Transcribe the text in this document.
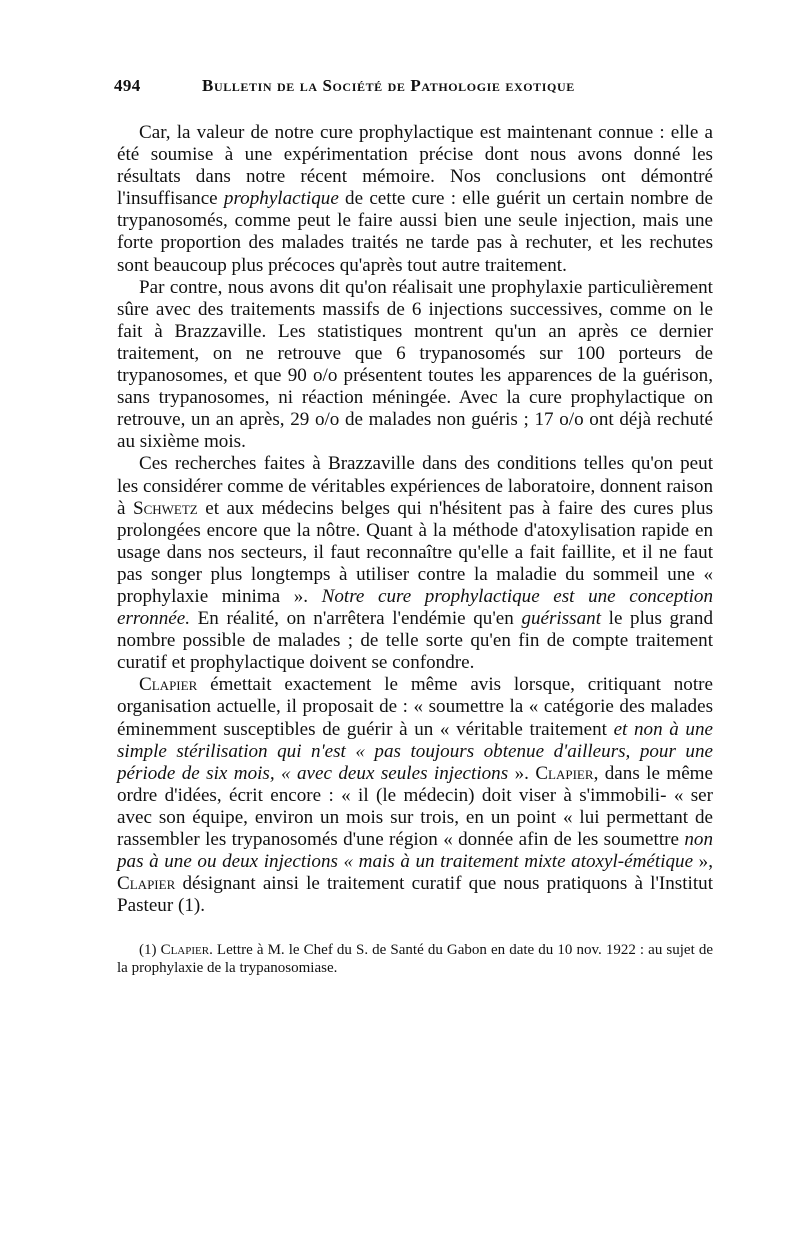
494	Bulletin de la Société de Pathologie exotique

Car, la valeur de notre cure prophylactique est maintenant connue : elle a été soumise à une expérimentation précise dont nous avons donné les résultats dans notre récent mémoire. Nos conclusions ont démontré l'insuffisance prophylactique de cette cure : elle guérit un certain nombre de trypanosomés, comme peut le faire aussi bien une seule injection, mais une forte proportion des malades traités ne tarde pas à rechuter, et les rechutes sont beaucoup plus précoces qu'après tout autre traitement.

Par contre, nous avons dit qu'on réalisait une prophylaxie particulièrement sûre avec des traitements massifs de 6 injections successives, comme on le fait à Brazzaville. Les statistiques montrent qu'un an après ce dernier traitement, on ne retrouve que 6 trypanosomés sur 100 porteurs de trypanosomes, et que 90 o/o présentent toutes les apparences de la guérison, sans trypanosomes, ni réaction méningée. Avec la cure prophylactique on retrouve, un an après, 29 o/o de malades non guéris ; 17 o/o ont déjà rechuté au sixième mois.

Ces recherches faites à Brazzaville dans des conditions telles qu'on peut les considérer comme de véritables expériences de laboratoire, donnent raison à Schwetz et aux médecins belges qui n'hésitent pas à faire des cures plus prolongées encore que la nôtre. Quant à la méthode d'atoxylisation rapide en usage dans nos secteurs, il faut reconnaître qu'elle a fait faillite, et il ne faut pas songer plus longtemps à utiliser contre la maladie du sommeil une « prophylaxie minima ». Notre cure prophylactique est une conception erronnée. En réalité, on n'arrêtera l'endémie qu'en guérissant le plus grand nombre possible de malades ; de telle sorte qu'en fin de compte traitement curatif et prophylactique doivent se confondre.

Clapier émettait exactement le même avis lorsque, critiquant notre organisation actuelle, il proposait de : « soumettre la « catégorie des malades éminemment susceptibles de guérir à un « véritable traitement et non à une simple stérilisation qui n'est « pas toujours obtenue d'ailleurs, pour une période de six mois, « avec deux seules injections ». Clapier, dans le même ordre d'idées, écrit encore : « il (le médecin) doit viser à s'immobili- « ser avec son équipe, environ un mois sur trois, en un point « lui permettant de rassembler les trypanosomés d'une région « donnée afin de les soumettre non pas à une ou deux injections « mais à un traitement mixte atoxyl-émétique », Clapier désignant ainsi le traitement curatif que nous pratiquons à l'Institut Pasteur (1).

(1) Clapier. Lettre à M. le Chef du S. de Santé du Gabon en date du 10 nov. 1922 : au sujet de la prophylaxie de la trypanosomiase.
